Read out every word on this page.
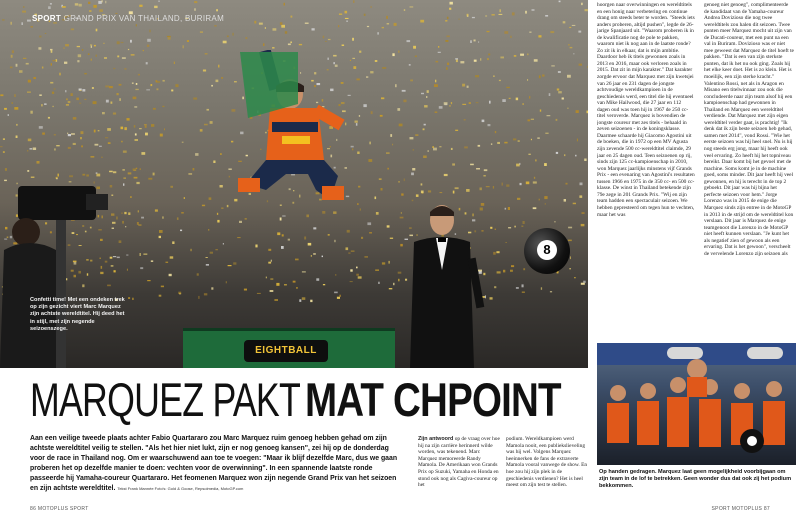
8
EIGHTBALL
SPORT GRAND PRIX VAN THAILAND, BURIRAM
Confetti time! Met een ondeken trek op zijn gezicht viert Marc Marquez zijn achtste wereldtitel. Hij deed het in stijl, met zijn negende seizoenszege.
hoorgen naar overwinningen en wereldtitels en een honig naar verbetering en continue drang om steeds beter te worden. "Steeds iets anders proberen, altijd pushen", legde de 26-jarige Spanjaard uit. "Waarom proberen ik in de kwalificatie nog de pole te pakken, waarom niet ik nog aan in de laatste ronde? Zo zit ik in elkaar, dat is mijn ambitie. Daardoor heb ik titels gewonnen zoals in 2013 en 2016, maar ook verloren zoals in 2015. Dat zit in mijn karakter." Dat karakter zorgde ervoor dat Marquez met zijn kwetsjei van 26 jaar en 231 dagen de jongste achtvoudige wereldkampioen in de geschiedenis werd, een titel die hij eventueel van Mike Hailwood, die 27 jaar en 112 dagen oud was toen hij in 1967 de 250 cc-titel veroverde. Marquez is bovendien de jongste coureur met zes titels - behaald in zeven seizoenen - in de koningsklasse. Daarmee schaarde hij Giacomo Agostini uit de boeken, die in 1972 op een MV Agusta zijn zevende 500 cc-wereldtitel claimde, 29 jaar en 25 dagen oud. Teen seizoenen op rij, sinds zijn 125 cc-kampioenschap in 2010, won Marquez jaarlijks minstens vijf Grands Prix - een evenaring van Agostini's resultaten tussen 1966 en 1975 in de 350 cc- en 500 cc-klasse. De winst in Thailand betekende zijn 79e zege in 201 Grands Prix. "Wij en zijn team hadden een spectaculair seizoen. We hebben gepresteerd om tegen hun te vechten, maar het was
genoeg niet genoeg", complimenteerde de kandidaat van de Yamaha-coureur Andrea Dovizioso die nog twee wereldtitels zou halen dit seizoen. Twee punten meer Marquez mocht uit zijn van de Ducati-coureur, met een punt na een val in Buriram. Dovizioso was er niet mee geweest dat Marquez de titel hoeft te pakken. "Dat is een van zijn sterkste punten, dat ik het nu ook ging. Zoals hij het elke keer doet. Het is zo klein. Het is moeilijk, een zijn sterke kracht." Valentino Rossi, net als in Aragon en Misano een titelwinnaar zou ook die concludeerde naar zijn team alsof hij een kampioenschap had gewonnen in Thailand en Marquez een wereldtitel verdiende. Dat Marquez met zijn eigen wereldtitel verder gaat, is prachtig! "Ik denk dat ik zijn beste seizoen heb gehad, samen met 2014", vond Rossi. "Wie het eerste seizoen was hij heel snel. Nu is hij nog steeds erg jong, maar hij heeft ook veel ervaring. Zo heeft hij het topniveau bereikt. Daar komt bij het gevoel met de machine. Soms komt je in de machine goed, soms minder. Dit jaar heeft hij veel gewonnen, en hij is terecht in de top 2 geboekt. Dit jaar was hij bijna het perfecte seizoen voor hem." Jorge Lorenzo was in 2015 de enige die Marquez sinds zijn entree in de MotoGP in 2013 in de strijd om de wereldtitel kon verslaan. Dit jaar is Marquez de enige teamgenoot die Lorenzo in de MotoGP niet heeft kunnen verslaan. "Je kunt het als negatief zien of gewoon als een ervaring. Dat is het gewoon", verscheelt de vervelende Lorenzo zijn seizoen als
Op handen gedragen. Marquez laat geen mogelijkheid voorbijgaan om zijn team in de lof te betrekken. Geen wonder dus dat ook zij het podium bekkommen.
MARQUEZ PAKT MAT CHPOINT
Aan een veilige tweede plaats achter Fabio Quartararo zou Marc Marquez ruim genoeg hebben gehad om zijn achtste wereldtitel veilig te stellen. "Als het hier niet lukt, zijn er nog genoeg kansen", zei hij op de donderdag voor de race in Thailand nog. Om er waarschuwend aan toe te voegen: "Maar ik blijf dezelfde Marc, dus we gaan proberen het op dezelfde manier te doen: vechten voor de overwinning". In een spannende laatste ronde passeerde hij Yamaha-coureur Quartararo. Het feomenen Marquez won zijn negende Grand Prix van het seizoen en zijn achtste wereldtitel. Tekst Frank Mannée Foto's: Gold & Goose, Repsolmedia, MotoGP.com
Zijn antwoord op de vraag over hoe hij na zijn carrière herinnerd wilde worden, was tekenend. Marc Marquez memoreerde Randy Mamola. De Amerikaan won Grands Prix op Suzuki, Yamaha en Honda en stond ook nog als Cagiva-coureur op het
podium. Wereldkampioen werd Mamola nooit, een publiekslieveling was hij wel. Volgens Marquez heeinnerken de fans de extraverte Mamola vooral vanwege de show. En hoe zou hij zijn plek in de geschiedenis verdienen? Het is heel meest om zijn test te stellen.
86 MOTOPLUS SPORT	SPORT MOTOPLUS 87
